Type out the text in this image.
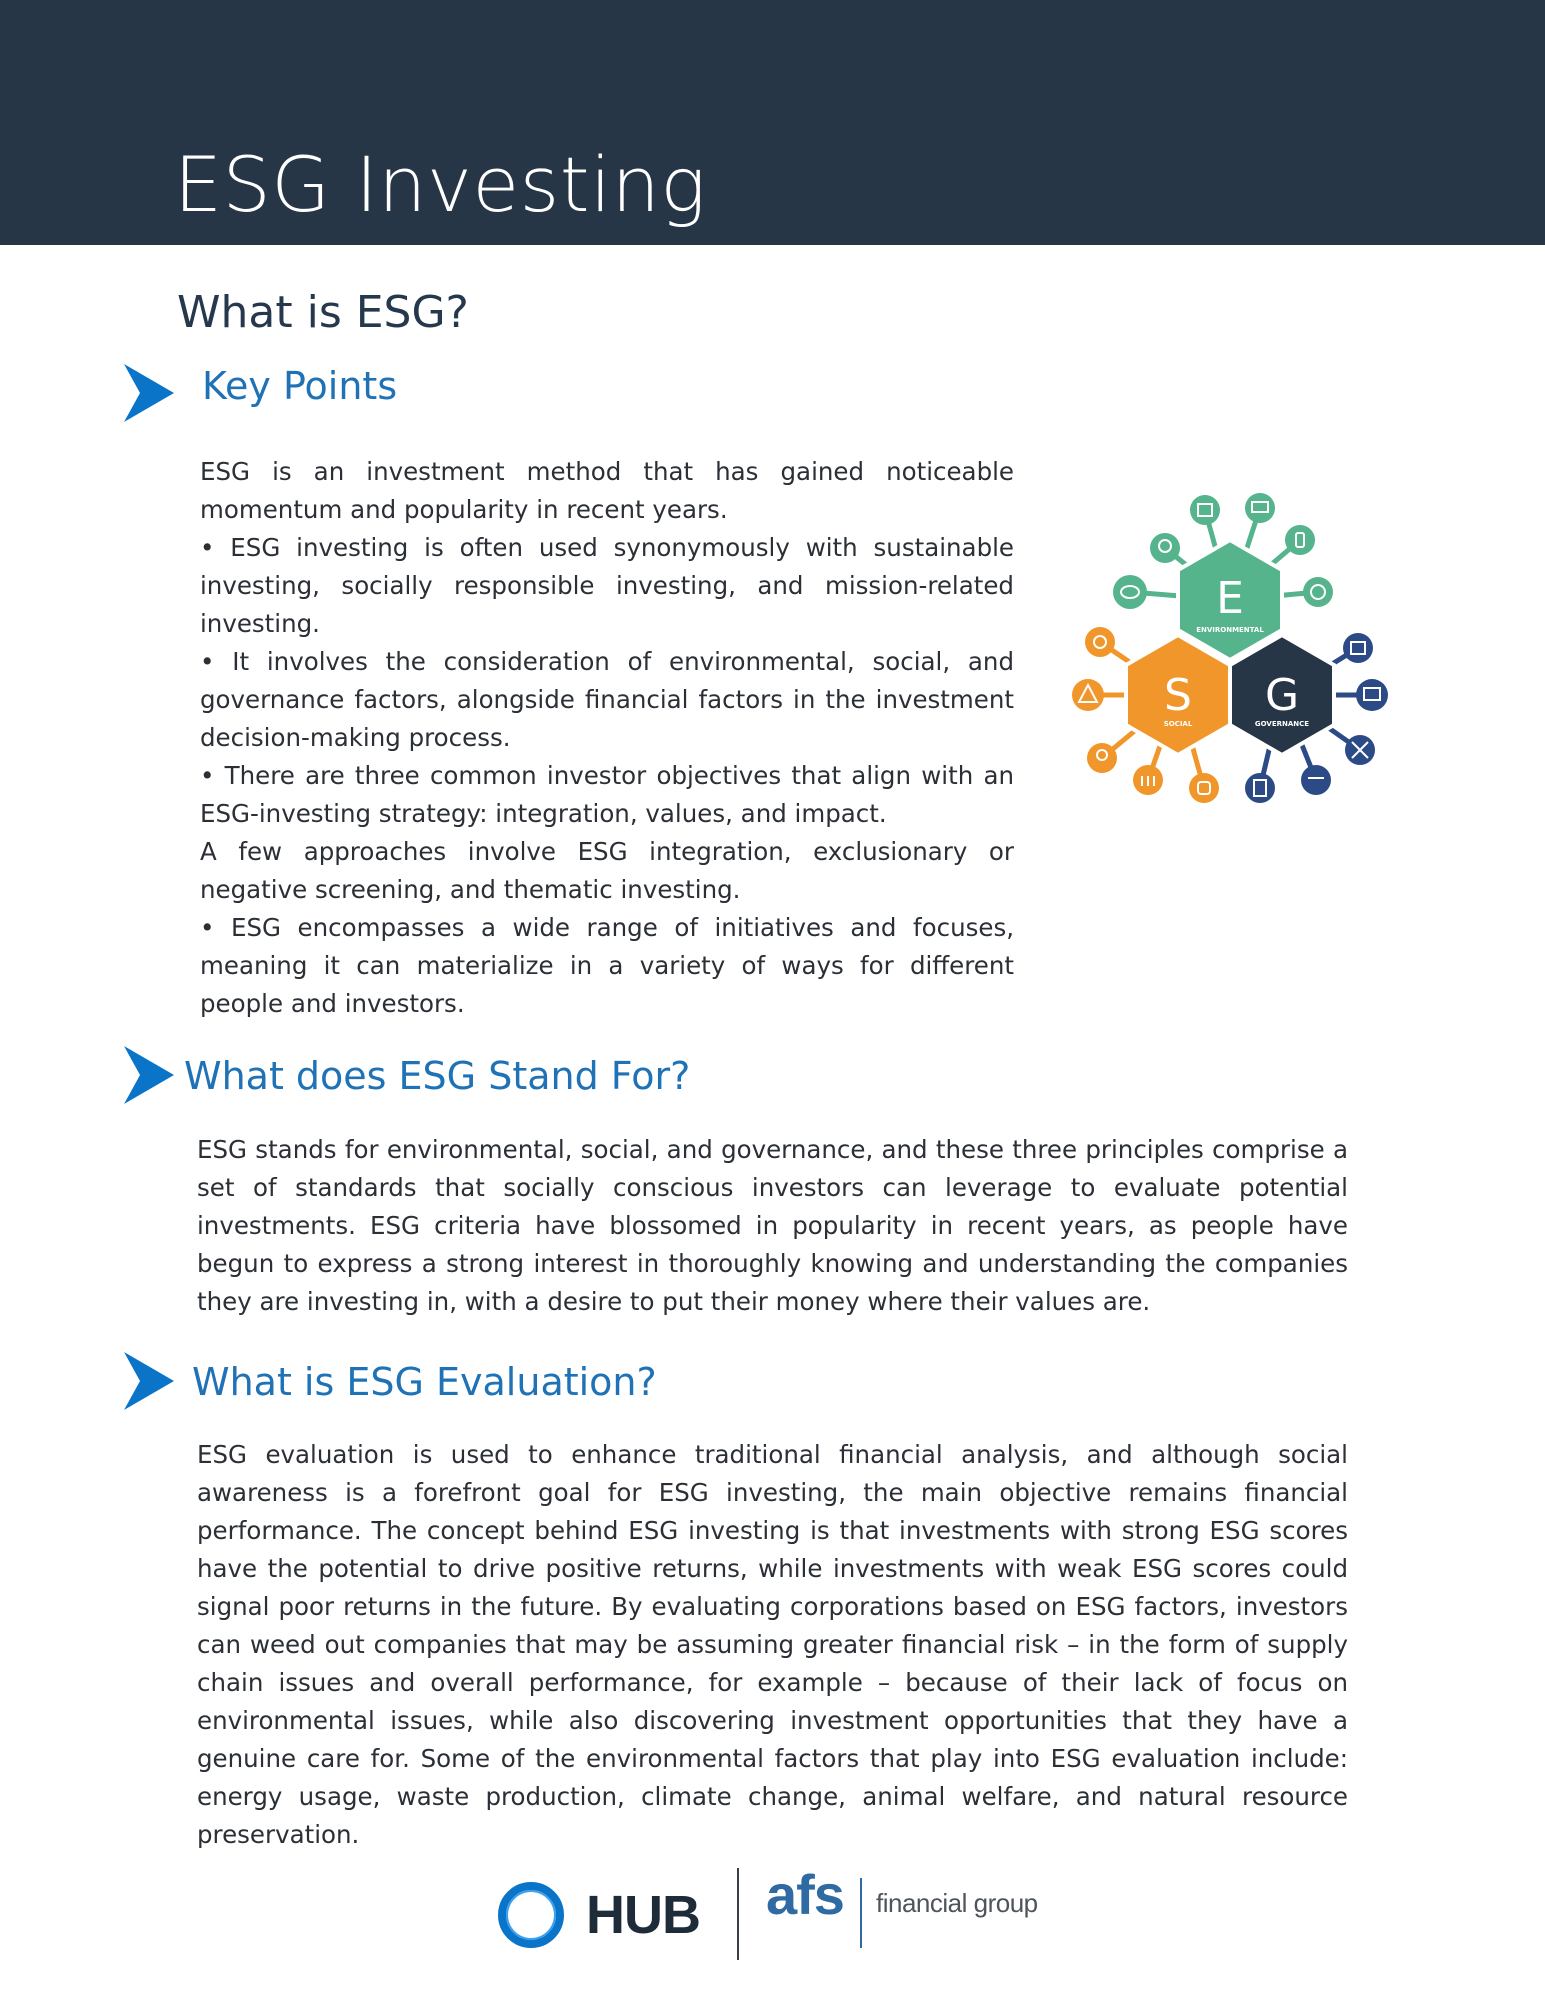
ESG Investing
What is ESG?
Key Points

ESG is an investment method that has gained noticeable momentum and popularity in recent years.

• ESG investing is often used synonymously with sustainable investing, socially responsible investing, and mission-related investing.

• It involves the consideration of environmental, social, and governance factors, alongside financial factors in the investment decision-making process.

• There are three common investor objectives that align with an ESG-investing strategy: integration, values, and impact.

A few approaches involve ESG integration, exclusionary or negative screening, and thematic investing.

• ESG encompasses a wide range of initiatives and focuses, meaning it can materialize in a variety of ways for different people and investors.

E
ENVIRONMENTAL
S
SOCIAL
G
GOVERNANCE
What does ESG Stand For?

ESG stands for environmental, social, and governance, and these three principles comprise a set of standards that socially conscious investors can leverage to evaluate potential investments. ESG criteria have blossomed in popularity in recent years, as people have begun to express a strong interest in thoroughly knowing and understanding the companies they are investing in, with a desire to put their money where their values are.

What is ESG Evaluation?

ESG evaluation is used to enhance traditional financial analysis, and although social awareness is a forefront goal for ESG investing, the main objective remains financial performance. The concept behind ESG investing is that investments with strong ESG scores have the potential to drive positive returns, while investments with weak ESG scores could signal poor returns in the future. By evaluating corporations based on ESG factors, investors can weed out companies that may be assuming greater financial risk – in the form of supply chain issues and overall performance, for example – because of their lack of focus on environmental issues, while also discovering investment opportunities that they have a genuine care for. Some of the environmental factors that play into ESG evaluation include: energy usage, waste production, climate change, animal welfare, and natural resource preservation.

HUB afs financial group
